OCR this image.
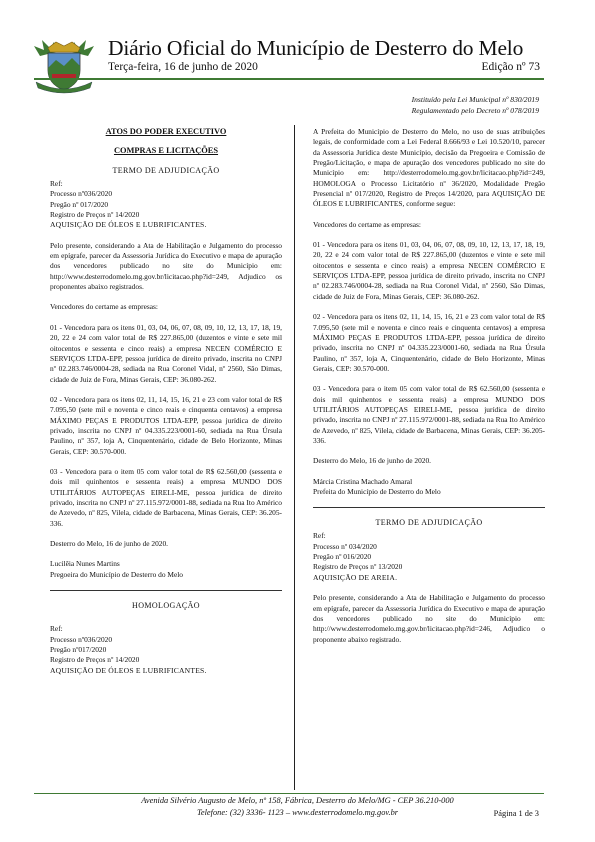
Diário Oficial do Município de Desterro do Melo
Terça-feira, 16 de junho de 2020	Edição nº 73
Instituído pela Lei Municipal nº 830/2019
Regulamentado pelo Decreto nº 078/2019
ATOS DO PODER EXECUTIVO
COMPRAS E LICITAÇÕES
TERMO DE ADJUDICAÇÃO
Ref:
Processo nº036/2020
Pregão nº 017/2020
Registro de Preços nº 14/2020
AQUISIÇÃO DE ÓLEOS E LUBRIFICANTES.
Pelo presente, considerando a Ata de Habilitação e Julgamento do processo em epígrafe, parecer da Assessoria Jurídica do Executivo e mapa de apuração dos vencedores publicado no site do Município em: http://www.desterrodomelo.mg.gov.br/licitacao.php?id=249, Adjudico os proponentes abaixo registrados.
Vencedores do certame as empresas:
01 - Vencedora para os itens 01, 03, 04, 06, 07, 08, 09, 10, 12, 13, 17, 18, 19, 20, 22 e 24 com valor total de R$ 227.865,00 (duzentos e vinte e sete mil oitocentos e sessenta e cinco reais) a empresa NECEN COMÉRCIO E SERVIÇOS LTDA-EPP, pessoa jurídica de direito privado, inscrita no CNPJ nº 02.283.746/0004-28, sediada na Rua Coronel Vidal, nº 2560, São Dimas, cidade de Juiz de Fora, Minas Gerais, CEP: 36.080-262.
02 - Vencedora para os itens 02, 11, 14, 15, 16, 21 e 23 com valor total de R$ 7.095,50 (sete mil e noventa e cinco reais e cinquenta centavos) a empresa MÁXIMO PEÇAS E PRODUTOS LTDA-EPP, pessoa jurídica de direito privado, inscrita no CNPJ nº 04.335.223/0001-60, sediada na Rua Úrsula Paulino, nº 357, loja A, Cinquentenário, cidade de Belo Horizonte, Minas Gerais, CEP: 30.570-000.
03 - Vencedora para o item 05 com valor total de R$ 62.560,00 (sessenta e dois mil quinhentos e sessenta reais) a empresa MUNDO DOS UTILITÁRIOS AUTOPEÇAS EIRELI-ME, pessoa jurídica de direito privado, inscrita no CNPJ nº 27.115.972/0001-88, sediada na Rua Ito Américo de Azevedo, nº 825, Vilela, cidade de Barbacena, Minas Gerais, CEP: 36.205-336.
Desterro do Melo, 16 de junho de 2020.
Lucilêia Nunes Martins
Pregoeira do Município de Desterro do Melo
HOMOLOGAÇÃO
Ref:
Processo nº036/2020
Pregão nº017/2020
Registro de Preços nº 14/2020
AQUISIÇÃO DE ÓLEOS E LUBRIFICANTES.
A Prefeita do Município de Desterro do Melo, no uso de suas atribuições legais, de conformidade com a Lei Federal 8.666/93 e Lei 10.520/10, parecer da Assessoria Jurídica deste Município, decisão da Pregoeira e Comissão de Pregão/Licitação, e mapa de apuração dos vencedores publicado no site do Município em: http://desterrodomelo.mg.gov.br/licitacao.php?id=249, HOMOLOGA o Processo Licitatório nº 36/2020, Modalidade Pregão Presencial nº 017/2020, Registro de Preços 14/2020, para AQUISIÇÃO DE ÓLEOS E LUBRIFICANTES, conforme segue:
Vencedores do certame as empresas:
01 - Vencedora para os itens 01, 03, 04, 06, 07, 08, 09, 10, 12, 13, 17, 18, 19, 20, 22 e 24 com valor total de R$ 227.865,00 (duzentos e vinte e sete mil oitocentos e sessenta e cinco reais) a empresa NECEN COMÉRCIO E SERVIÇOS LTDA-EPP, pessoa jurídica de direito privado, inscrita no CNPJ nº 02.283.746/0004-28, sediada na Rua Coronel Vidal, nº 2560, São Dimas, cidade de Juiz de Fora, Minas Gerais, CEP: 36.080-262.
02 - Vencedora para os itens 02, 11, 14, 15, 16, 21 e 23 com valor total de R$ 7.095,50 (sete mil e noventa e cinco reais e cinquenta centavos) a empresa MÁXIMO PEÇAS E PRODUTOS LTDA-EPP, pessoa jurídica de direito privado, inscrita no CNPJ nº 04.335.223/0001-60, sediada na Rua Úrsula Paulino, nº 357, loja A, Cinquentenário, cidade de Belo Horizonte, Minas Gerais, CEP: 30.570-000.
03 - Vencedora para o item 05 com valor total de R$ 62.560,00 (sessenta e dois mil quinhentos e sessenta reais) a empresa MUNDO DOS UTILITÁRIOS AUTOPEÇAS EIRELI-ME, pessoa jurídica de direito privado, inscrita no CNPJ nº 27.115.972/0001-88, sediada na Rua Ito Américo de Azevedo, nº 825, Vilela, cidade de Barbacena, Minas Gerais, CEP: 36.205-336.
Desterro do Melo, 16 de junho de 2020.
Márcia Cristina Machado Amaral
Prefeita do Município de Desterro do Melo
TERMO DE ADJUDICAÇÃO
Ref:
Processo nº 034/2020
Pregão nº 016/2020
Registro de Preços nº 13/2020
AQUISIÇÃO DE AREIA.
Pelo presente, considerando a Ata de Habilitação e Julgamento do processo em epígrafe, parecer da Assessoria Jurídica do Executivo e mapa de apuração dos vencedores publicado no site do Município em: http://www.desterrodomelo.mg.gov.br/licitacao.php?id=246, Adjudico o proponente abaixo registrado.
Avenida Silvério Augusto de Melo, nº 158, Fábrica, Desterro do Melo/MG - CEP 36.210-000
Telefone: (32) 3336- 1123 – www.desterrodomelo.mg.gov.br	Página 1 de 3
